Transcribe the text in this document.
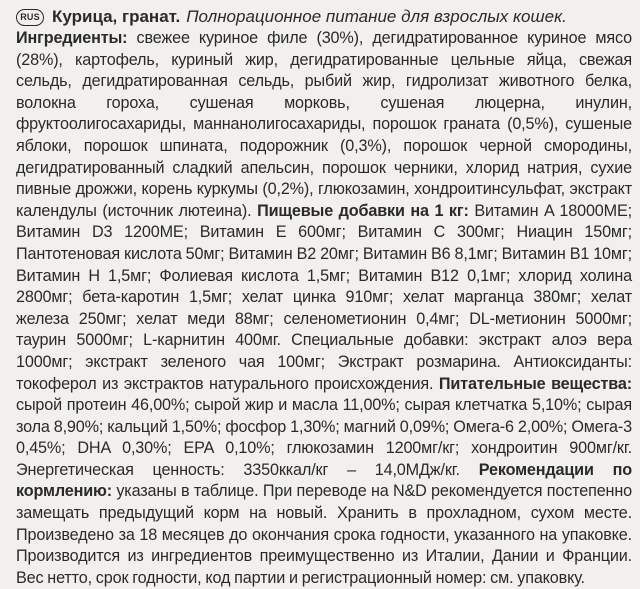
RUS Курица, гранат. Полнорационное питание для взрослых кошек.
Ингредиенты: свежее куриное филе (30%), дегидратированное куриное мясо (28%), картофель, куриный жир, дегидратированные цельные яйца, свежая сельдь, дегидратированная сельдь, рыбий жир, гидролизат животного белка, волокна гороха, сушеная морковь, сушеная люцерна, инулин, фруктоолигосахариды, маннанолигосахариды, порошок граната (0,5%), сушеные яблоки, порошок шпината, подорожник (0,3%), порошок черной смородины, дегидратированный сладкий апельсин, порошок черники, хлорид натрия, сухие пивные дрожжи, корень куркумы (0,2%), глюкозамин, хондроитинсульфат, экстракт календулы (источник лютеина). Пищевые добавки на 1 кг: Витамин A 18000МЕ; Витамин D3 1200МЕ; Витамин E 600мг; Витамин C 300мг; Ниацин 150мг; Пантотеновая кислота 50мг; Витамин B2 20мг; Витамин B6 8,1мг; Витамин B1 10мг; Витамин H 1,5мг; Фолиевая кислота 1,5мг; Витамин B12 0,1мг; хлорид холина 2800мг; бета-каротин 1,5мг; хелат цинка 910мг; хелат марганца 380мг; хелат железа 250мг; хелат меди 88мг; селенометионин 0,4мг; DL-метионин 5000мг; таурин 5000мг; L-карнитин 400мг. Специальные добавки: экстракт алоэ вера 1000мг; экстракт зеленого чая 100мг; Экстракт розмарина. Антиоксиданты: токоферол из экстрактов натурального происхождения. Питательные вещества: сырой протеин 46,00%; сырой жир и масла 11,00%; сырая клетчатка 5,10%; сырая зола 8,90%; кальций 1,50%; фосфор 1,30%; магний 0,09%; Омега-6 2,00%; Омега-3 0,45%; DHA 0,30%; EPA 0,10%; глюкозамин 1200мг/кг; хондроитин 900мг/кг. Энергетическая ценность: 3350ккал/кг – 14,0МДж/кг. Рекомендации по кормлению: указаны в таблице. При переводе на N&D рекомендуется постепенно замещать предыдущий корм на новый. Хранить в прохладном, сухом месте. Произведено за 18 месяцев до окончания срока годности, указанного на упаковке. Производится из ингредиентов преимущественно из Италии, Дании и Франции. Вес нетто, срок годности, код партии и регистрационный номер: см. упаковку.
